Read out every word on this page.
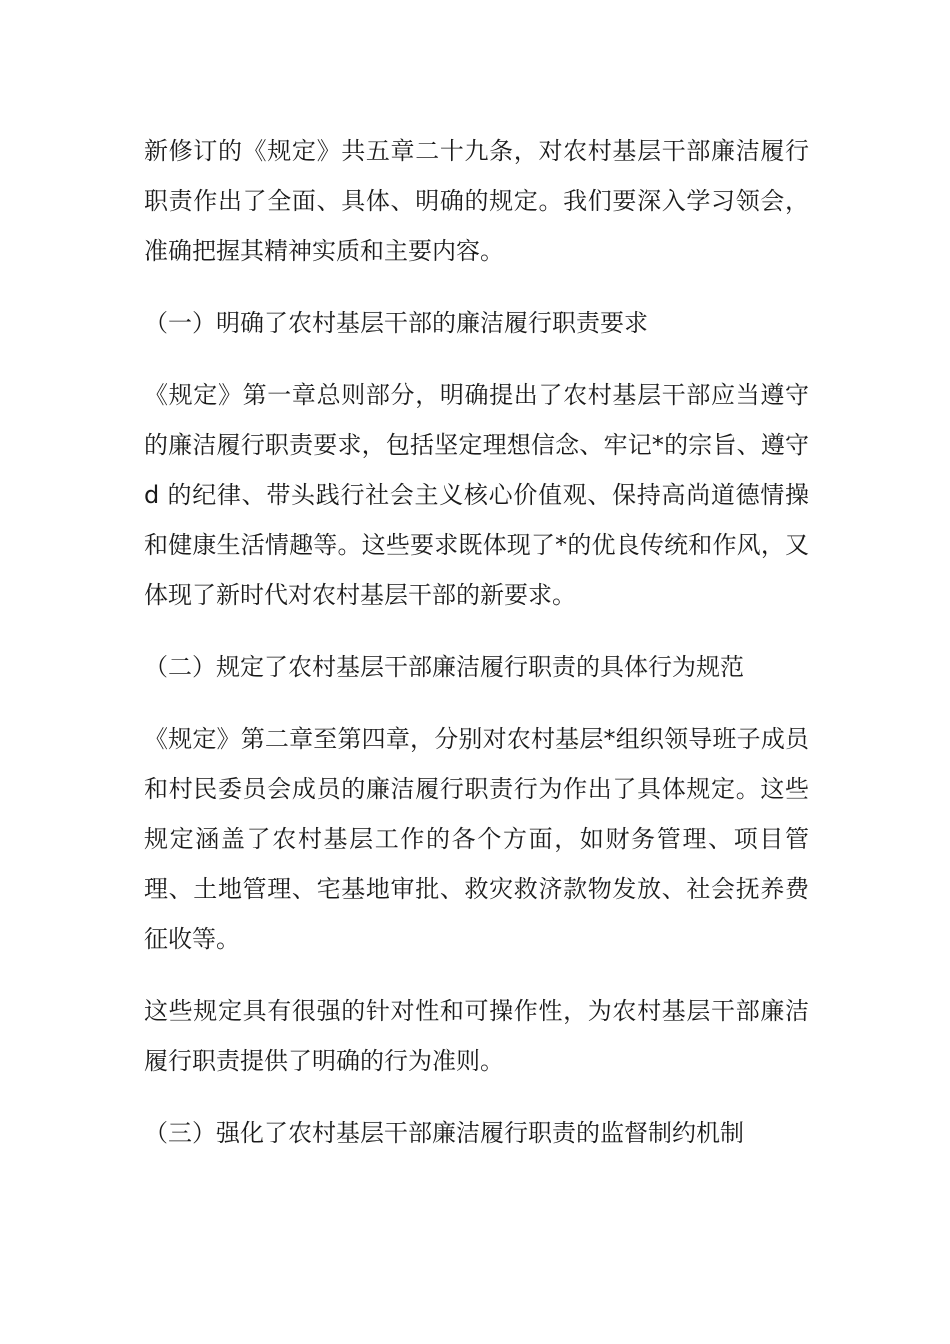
新修订的《规定》共五章二十九条，对农村基层干部廉洁履行职责作出了全面、具体、明确的规定。我们要深入学习领会，准确把握其精神实质和主要内容。

（一）明确了农村基层干部的廉洁履行职责要求

《规定》第一章总则部分，明确提出了农村基层干部应当遵守的廉洁履行职责要求，包括坚定理想信念、牢记*的宗旨、遵守 d 的纪律、带头践行社会主义核心价值观、保持高尚道德情操和健康生活情趣等。这些要求既体现了*的优良传统和作风，又体现了新时代对农村基层干部的新要求。

（二）规定了农村基层干部廉洁履行职责的具体行为规范

《规定》第二章至第四章，分别对农村基层*组织领导班子成员和村民委员会成员的廉洁履行职责行为作出了具体规定。这些规定涵盖了农村基层工作的各个方面，如财务管理、项目管理、土地管理、宅基地审批、救灾救济款物发放、社会抚养费征收等。

这些规定具有很强的针对性和可操作性，为农村基层干部廉洁履行职责提供了明确的行为准则。

（三）强化了农村基层干部廉洁履行职责的监督制约机制
